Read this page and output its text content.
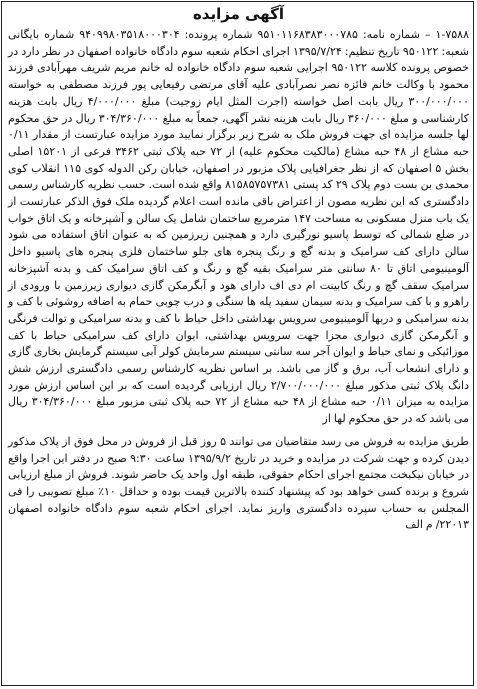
آگهی مزایده

۱-۷۵۸۸ – شماره نامه: ۹۵۱۰۱۱۶۸۳۸۳۰۰۰۷۸۵ شماره پرونده: ۹۴۰۹۹۸۰۳۵۱۸۰۰۰۳۰۴ شماره بایگانی شعبه: ۹۵۰۱۲۲ تاریخ تنظیم: ۱۳۹۵/۷/۲۴ اجرای احکام شعبه سوم دادگاه خانواده اصفهان در نظر دارد در خصوص پرونده کلاسه ۹۵۰۱۲۲ اجرایی شعبه سوم دادگاه خانواده له خانم مریم شریف مهرآبادی فرزند محمود با وکالت خانم فائزه نصر نصرآبادی علیه آقای مرتضی رفیعایی پور فرزند مصطفی به خواسته ۳۰۰/۰۰۰/۰۰۰ ریال بابت اصل خواسته (اجرت المثل ایام زوجیت) مبلغ ۴/۰۰۰/۰۰۰ ریال بابت هزینه کارشناسی و مبلغ ۳۶۰/۰۰۰ ریال بابت هزینه نشر آگهی، جمعاً به مبلغ ۳۰۴/۳۶۰/۰۰۰ ریال در حق محکوم لها جلسه مزایده ای جهت فروش ملک به شرح زیر برگزار نمایید مورد مزایده عبارتست از مقدار ۰/۱۱ حبه مشاع از ۴۸ حبه مشاع (مالکیت محکوم علیه) از ۷۲ حبه پلاک ثبتی ۳۴۶۲ فرعی از ۱۵۲۰۱ اصلی بخش ۵ اصفهان که از نظر جغرافیایی پلاک مزبور در اصفهان، خیابان رکن الدوله کوی ۱۱۵ انقلاب کوی محمدی بن بست دوم پلاک ۲۹ کد پستی ۸۱۵۸۵۷۵۷۳۸۱ واقع شده است. حسب نظریه کارشناس رسمی دادگستری که این نظریه مصون از اعتراض باقی مانده است اعلام گردیده ملک فوق الذکر عبارتست از یک باب منزل مسکونی به مساحت ۱۴۷ مترمربع ساختمان شامل یک سالن و آشپزخانه و یک اتاق خواب در ضلع شمالی که توسط پاسیو نورگیری دارد و همچنین زیرزمین که به عنوان اتاق استفاده می شود سالن دارای کف سرامیک و بدنه گچ و رنگ پنجره های جلو ساختمان فلزی پنجره های پاسیو داخل آلومینیومی اتاق تا ۸۰ سانتی متر سرامیک بقیه گچ و رنگ و کف اتاق سرامیک کف و بدنه آشپزخانه سرامیک سقف گچ و رنگ کابینت ام دی اف دارای هود و آبگرمکن گازی دیواری زیرزمین با ورودی از راهرو و با کف سرامیک و بدنه سیمان سفید پله ها سنگی و درب چوبی حمام به اضافه روشوئی با کف و بدنه سرامیکی و دربها آلومینیومی سرویس بهداشتی داخل حیاط با کف و بدنه سرامیکی و توالت فرنگی و آبگرمکن گازی دیواری مجزا جهت سرویس بهداشتی، ایوان دارای کف سرامیکی حیاط با کف موزائیکی و نمای حیاط و ایوان آجر سه سانتی سیستم سرمایش کولر آبی سیستم گرمایش بخاری گازی و دارای انشعاب آب، برق و گاز می باشد. بر اساس نظریه کارشناس رسمی دادگستری ارزش شش دانگ پلاک ثبتی مذکور مبلغ ۲/۷۰۰/۰۰۰/۰۰۰ ریال ارزیابی گردیده است که بر این اساس ارزش مورد مزایده به میزان ۰/۱۱ حبه مشاع از ۴۸ حبه مشاع از ۷۲ حبه پلاک ثبتی مزبور مبلغ ۳۰۴/۳۶۰/۰۰۰ ریال می باشد که در حق محکوم لها از

طریق مزایده به فروش می رسد متقاضیان می توانند ۵ روز قبل از فروش در محل فوق از پلاک مذکور دیدن کرده و جهت شرکت در مزایده و خرید در تاریخ ۱۳۹۵/۹/۲ ساعت ۹:۳۰ صبح در دفتر این اجرا واقع در خیابان نیکبخت مجتمع اجرای احکام حقوقی، طبقه اول واحد یک حاضر شوند. فروش از مبلغ ارزیابی شروع و برنده کسی خواهد بود که پیشنهاد کننده بالاترین قیمت بوده و حداقل ۱۰٪ مبلغ تصویبی را فی المجلس به حساب سپرده دادگستری واریز نماید. اجرای احکام شعبه سوم دادگاه خانواده اصفهان ۲۲۰۱۳/ م الف
